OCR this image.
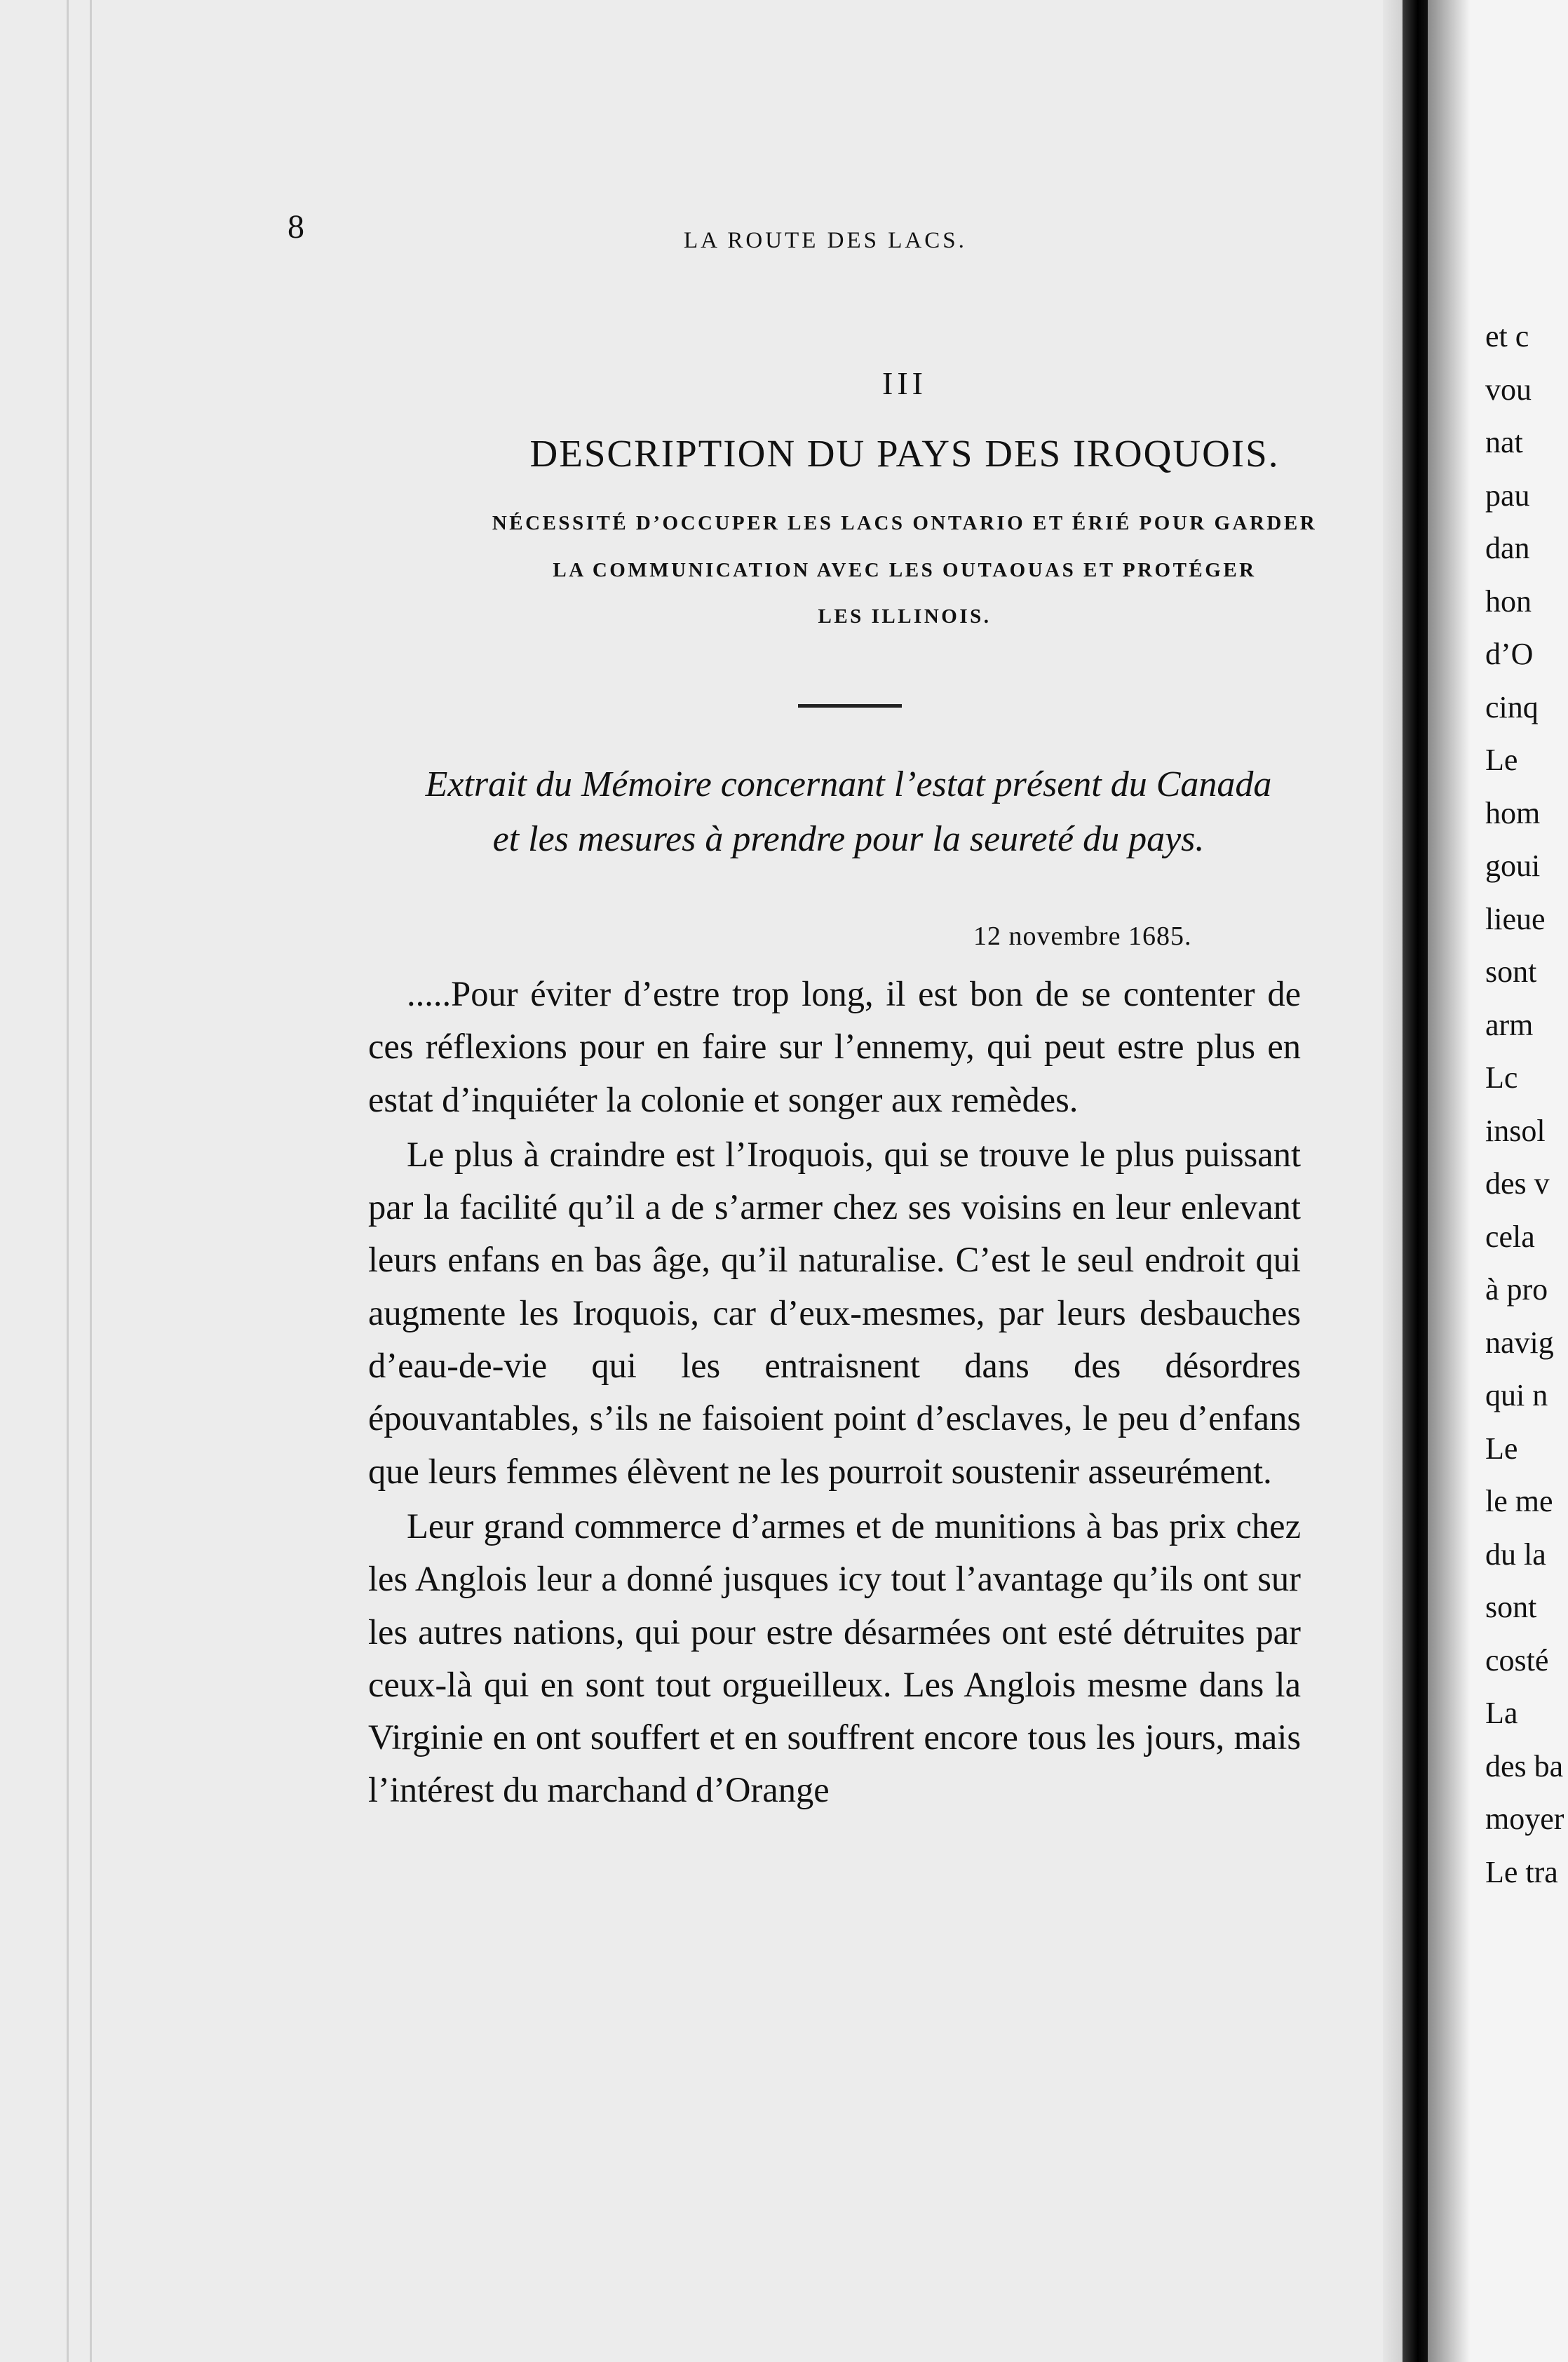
8	LA ROUTE DES LACS.
III
DESCRIPTION DU PAYS DES IROQUOIS.
NÉCESSITÉ D’OCCUPER LES LACS ONTARIO ET ÉRIÉ POUR GARDER
LA COMMUNICATION AVEC LES OUTAOUAS ET PROTÉGER
LES ILLINOIS.
Extrait du Mémoire concernant l’estat présent du Canada
et les mesures à prendre pour la seureté du pays.
12 novembre 1685.

.....Pour éviter d’estre trop long, il est bon de se contenter de ces réflexions pour en faire sur l’ennemy, qui peut estre plus en estat d’inquiéter la colonie et songer aux remèdes.

Le plus à craindre est l’Iroquois, qui se trouve le plus puissant par la facilité qu’il a de s’armer chez ses voisins en leur enlevant leurs enfans en bas âge, qu’il naturalise. C’est le seul endroit qui augmente les Iroquois, car d’eux-mesmes, par leurs desbauches d’eau-de-vie qui les entraisnent dans des désordres épouvantables, s’ils ne faisoient point d’esclaves, le peu d’enfans que leurs femmes élèvent ne les pourroit soustenir asseurément.

Leur grand commerce d’armes et de munitions à bas prix chez les Anglois leur a donné jusques icy tout l’avantage qu’ils ont sur les autres nations, qui pour estre désarmées ont esté détruites par ceux-là qui en sont tout orgueilleux. Les Anglois mesme dans la Virginie en ont souffert et en souffrent encore tous les jours, mais l’intérest du marchand d’Orange

et c
vou
nat
pau
dan
hon
d’O
cinq
Le
hom
goui
lieue
sont
arm
Lc
insol
des v
cela
à pro
navig
qui n
Le
le me
du la
sont
costé
La
des ba
moyer
Le tra
